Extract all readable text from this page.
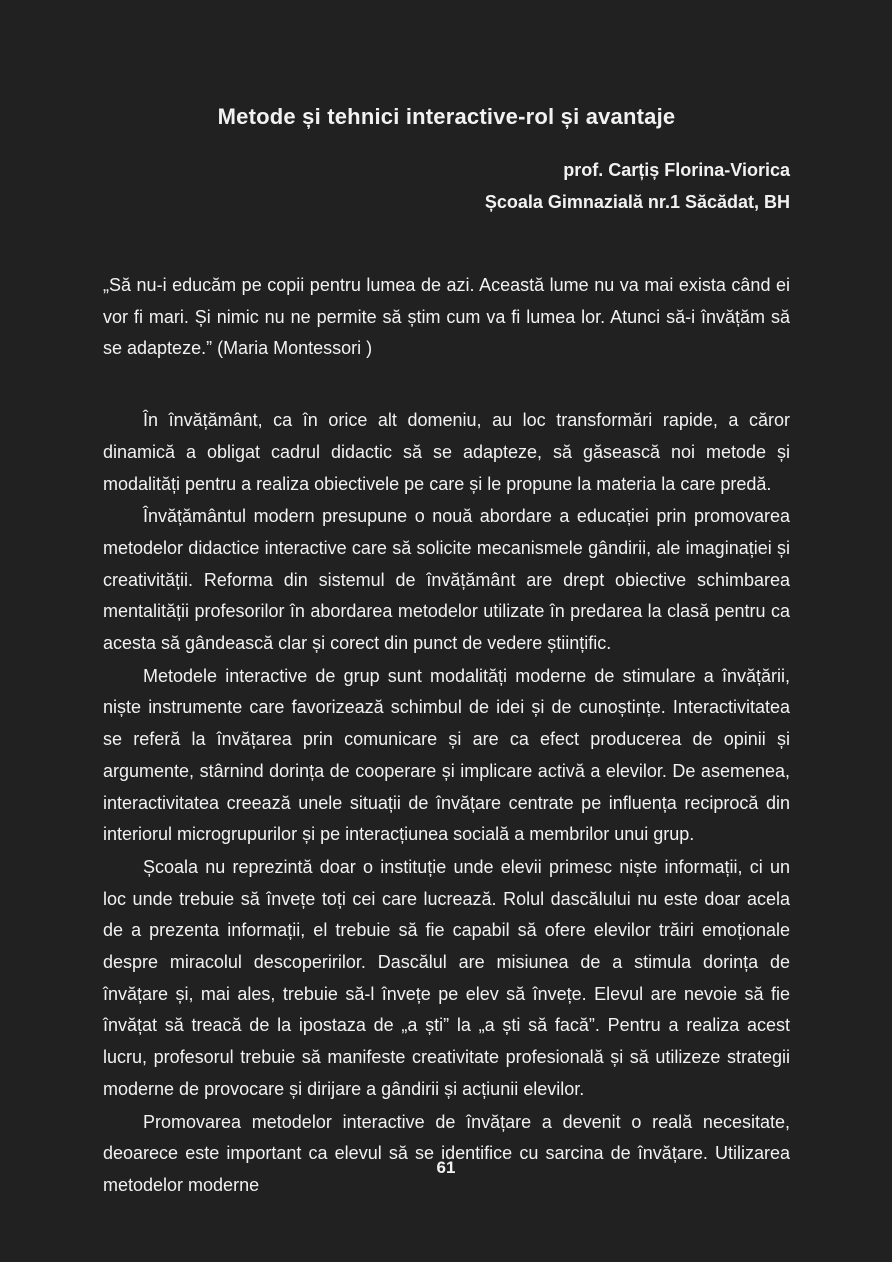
Metode și tehnici interactive-rol și avantaje
prof. Carțiș Florina-Viorica
Școala Gimnazială nr.1 Săcădat, BH
„Să nu-i educăm pe copii pentru lumea de azi. Această lume nu va mai exista când ei vor fi mari. Și nimic nu ne permite să știm cum va fi lumea lor. Atunci să-i învățăm să se adapteze.” (Maria Montessori )

În învățământ, ca în orice alt domeniu, au loc transformări rapide, a căror dinamică a obligat cadrul didactic să se adapteze, să găsească noi metode și modalități pentru a realiza obiectivele pe care și le propune la materia la care predă.

Învățământul modern presupune o nouă abordare a educației prin promovarea metodelor didactice interactive care să solicite mecanismele gândirii, ale imaginației și creativității. Reforma din sistemul de învățământ are drept obiective schimbarea mentalității profesorilor în abordarea metodelor utilizate în predarea la clasă pentru ca acesta să gândească clar și corect din punct de vedere științific.

Metodele interactive de grup sunt modalități moderne de stimulare a învățării, niște instrumente care favorizează schimbul de idei și de cunoștințe. Interactivitatea se referă la învățarea prin comunicare și are ca efect producerea de opinii și argumente, stârnind dorința de cooperare și implicare activă a elevilor. De asemenea, interactivitatea creează unele situații de învățare centrate pe influența reciprocă din interiorul microgrupurilor și pe interacțiunea socială a membrilor unui grup.

Școala nu reprezintă doar o instituție unde elevii primesc niște informații, ci un loc unde trebuie să învețe toți cei care lucrează. Rolul dascălului nu este doar acela de a prezenta informații, el trebuie să fie capabil să ofere elevilor trăiri emoționale despre miracolul descoperirilor. Dascălul are misiunea de a stimula dorința de învățare și, mai ales, trebuie să-l învețe pe elev să învețe. Elevul are nevoie să fie învățat să treacă de la ipostaza de „a ști” la „a ști să facă”. Pentru a realiza acest lucru, profesorul trebuie să manifeste creativitate profesională și să utilizeze strategii moderne de provocare și dirijare a gândirii și acțiunii elevilor.

Promovarea metodelor interactive de învățare a devenit o reală necesitate, deoarece este important ca elevul să se identifice cu sarcina de învățare. Utilizarea metodelor moderne

61
